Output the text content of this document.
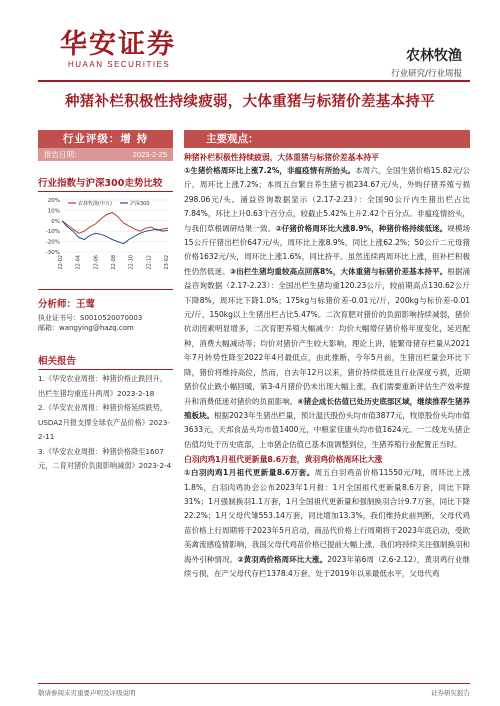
华安证券
HUAAN SECURITIES
农林牧渔
行业研究/行业周报
种猪补栏积极性持续疲弱，大体重猪与标猪价差基本持平
行业评级：增 持
报告日期：	2023-2-25
行业指数与沪深300走势比较
20%
10%
0%
-10%
-20%
-30%
22-02 22-04 22-06 22-08 22-10 22-12 23-02
农林牧渔(申万)	沪深300
分析师：王莺
执业证书号：S0010520070003
邮箱：wangying@hazq.com
相关报告
1.《华安农业周报：种猪价格止跌回升，出栏生猪均重连升两周》2023-2-18
2.《华安农业周报：种猪价格延续跌势，USDA2月报支撑全球农产品价格》2023-2-11
3.《华安农业周报：种猪价格降至1607元，二育对猪价负面影响减弱》2023-2-4
主要观点：
种猪补栏积极性持续疲弱，大体重猪与标猪价差基本持平
①生猪价格周环比上涨7.2%，非瘟疫情有所抬头。本周六，全国生猪价格15.82元/公斤，周环比上涨7.2%；本周五自繁自养生猪亏损234.67元/头，外购仔猪养殖亏损298.06元/头。涌益咨询数据显示（2.17-2.23）：全国90公斤内生猪出栏占比7.84%，环比上升0.63个百分点，较截止5.42%上升2.42个百分点。非瘟疫情抬头，与我们草根调研结果一致。②仔猪价格周环比大涨8.9%，种猪价格持续低迷。规模场15公斤仔猪出栏价647元/头，周环比上涨8.9%，同比上涨62.2%；50公斤二元母猪价格1632元/头，周环比上涨1.6%，同比持平。虽然连续两周环比上涨，但补栏积极性仍然低迷。③出栏生猪均重较高点回落8%，大体重猪与标猪价差基本持平。根据涌益咨询数据（2.17-2.23）：全国出栏生猪均重120.23公斤，较前期高点130.62公斤下降8%，周环比下降1.0%；175kg与标猪价差-0.01元/斤，200kg与标价差-0.01元/斤，150kg以上生猪出栏占比5.47%。二次育肥对猪价的负面影响持续减弱，猪价抗动因素明显增多，二次育肥养殖大幅减少：均价大幅增仔猪价格年度变化，延迟配种，消费大幅减动等；均价对猪价产生较大影响，理论上讲，能繁母猪存栏量从2021年7月转势性降至2022年4月最低点，由此推断，今年5月前，生猪出栏量会环比下降，猪价将维持高位，然而，自去年12月以来，猪价持续低迷且行业深度亏损，近期猪价仅止跌小幅回暖，第3-4月猪价仍未出现大幅上涨，我们需要重新评估生产效率提升和消费低迷对猪价的负面影响。④猪企成长估值已处历史底部区域，继续推荐生猪养殖板块。根据2023年生猪出栏量，预计温氏股份头均市值3877元，牧原股份头均市值3633元，天邦食品头均市值1400元，中粮家佳康头均市值1624元。一二线龙头猪企估值均处于历史底部，上市猪企估值已基本面调整到位，生猪养殖行业配置正当时。
白羽肉鸡1月祖代更新量8.6万套，黄羽鸡价格周环比大涨
①白羽肉鸡1月祖代更新量8.6万套。周五白羽鸡苗价格11550元/吨，周环比上涨1.8%，白羽肉鸡协会公布2023年1月报：1月全国祖代更新量8.6万套，同比下降31%；1月强制换羽1.1万套，1月全国祖代更新量和强制换羽合计9.7万套，同比下降22.2%；1月父母代雏553.14万套，同比增加13.3%，我们维持此前判断，父母代鸡苗价格上行周期将于2023年5月启动，商品代价格上行周期将于2023年底启动，受欧美禽流感疫情影响，我国父母代鸡苗价格已提前大幅上涨，我们将持续关注强制换羽和海外引种情况。②黄羽鸡价格周环比大涨。2023年第6周（2.6-2.12），黄羽鸡行业继续亏损，在产父母代存栏1378.4万套，处于2019年以来最低水平，父母代鸡
敬请参阅末页重要声明及评级说明	证券研究报告
